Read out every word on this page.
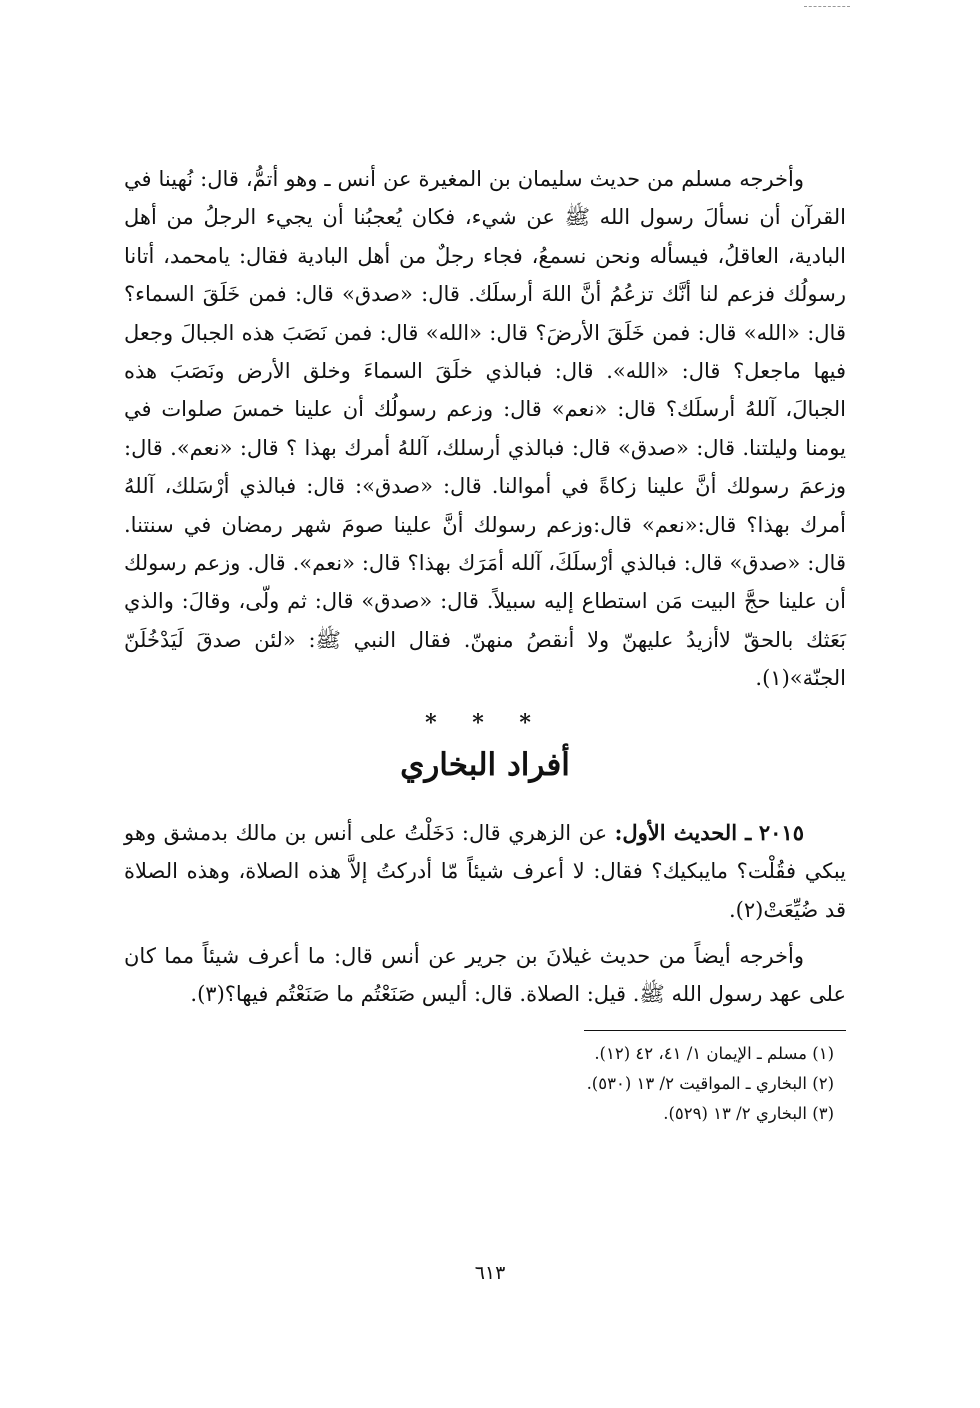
وأخرجه مسلم من حديث سليمان بن المغيرة عن أنس ـ وهو أتمُّ، قال: نُهينا في القرآن أن نسألَ رسول الله ﷺ عن شيء، فكان يُعجبُنا أن يجيء الرجلُ من أهل البادية، العاقلُ، فيسأله ونحن نسمعُ، فجاء رجلٌ من أهل البادية فقال: يامحمد، أتانا رسولُك فزعم لنا أنَّك تزعُمُ أنَّ اللهَ أرسلَك. قال: «صدق» قال: فمن خَلَقَ السماء؟ قال: «الله» قال: فمن خَلَقَ الأرضَ؟ قال: «الله» قال: فمن نَصَبَ هذه الجبالَ وجعل فيها ماجعل؟ قال: «الله». قال: فبالذي خلَقَ السماءَ وخلق الأرض ونَصَبَ هذه الجبالَ، آللهُ أرسلَك؟ قال: «نعم» قال: وزعم رسولُك أن علينا خمسَ صلوات في يومنا وليلتنا. قال: «صدق» قال: فبالذي أرسلك، آللهُ أمرك بهذا ؟ قال: «نعم». قال: وزعمَ رسولك أنَّ علينا زكاةً في أموالنا. قال: «صدق»: قال: فبالذي أرْسَلك، آللهُ أمرك بهذا؟ قال:«نعم» قال:وزعم رسولك أنَّ علينا صومَ شهر رمضان في سنتنا. قال: «صدق» قال: فبالذي أرْسلَكَ، آلله أمَرَك بهذا؟ قال: «نعم». قال. وزعم رسولك أن علينا حجَّ البيت مَن استطاع إليه سبيلاً. قال: «صدق» قال: ثم ولّى، وقالَ: والذي بَعَثك بالحقّ لاأزيدُ عليهنّ ولا أنقصُ منهنّ. فقال النبي ﷺ: «لئن صدقَ لَيَدْخُلَنّ الجنّة»(١).

* * *
أفراد البخاري

٢٠١٥ ـ الحديث الأول: عن الزهري قال: دَخَلْتُ على أنس بن مالك بدمشق وهو يبكي فقُلْت؟ مايبكيك؟ فقال: لا أعرف شيئاً مّا أدركتُ إلاَّ هذه الصلاة، وهذه الصلاة قد ضُيِّعَتْ(٢).

وأخرجه أيضاً من حديث غيلانَ بن جرير عن أنس قال: ما أعرف شيئاً مما كان على عهد رسول الله ﷺ. قيل: الصلاة. قال: أليس صَنَعْتُم ما صَنَعْتُم فيها؟(٣).

(١) مسلم ـ الإيمان ١/ ٤١، ٤٢ (١٢).

(٢) البخاري ـ المواقيت ٢/ ١٣ (٥٣٠).

(٣) البخاري ٢/ ١٣ (٥٢٩).

٦١٣
